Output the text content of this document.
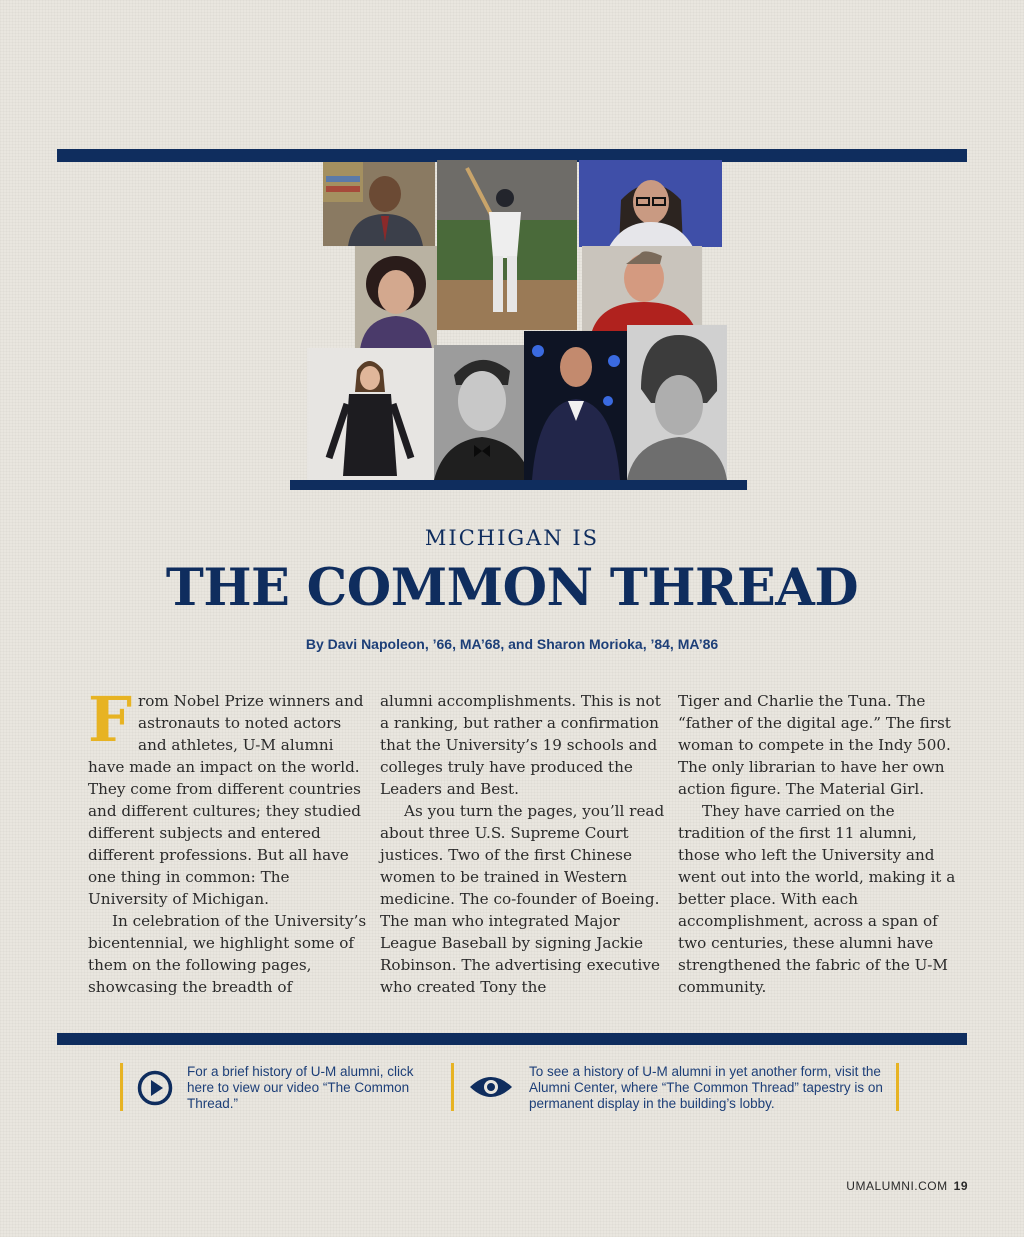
MICHIGAN IS
THE COMMON THREAD
By Davi Napoleon, ’66, MA’68, and Sharon Morioka, ’84, MA’86

From Nobel Prize winners and astronauts to noted actors and athletes, U-M alumni have made an impact on the world. They come from different countries and different cultures; they studied different subjects and entered different professions. But all have one thing in common: The University of Michigan.

In celebration of the University’s bicentennial, we highlight some of them on the following pages, showcasing the breadth of

alumni accomplishments. This is not a ranking, but rather a confirmation that the University’s 19 schools and colleges truly have produced the Leaders and Best.

As you turn the pages, you’ll read about three U.S. Supreme Court justices. Two of the first Chinese women to be trained in Western medicine. The co-founder of Boeing. The man who integrated Major League Baseball by signing Jackie Robinson. The advertising executive who created Tony the

Tiger and Charlie the Tuna. The “father of the digital age.” The first woman to compete in the Indy 500. The only librarian to have her own action figure. The Material Girl.

They have carried on the tradition of the first 11 alumni, those who left the University and went out into the world, making it a better place. With each accomplishment, across a span of two centuries, these alumni have strengthened the fabric of the U-M community.

For a brief history of U-M alumni, click here to view our video “The Common Thread.”
To see a history of U-M alumni in yet another form, visit the Alumni Center, where “The Common Thread” tapestry is on permanent display in the building’s lobby.
UMALUMNI.COM 19
